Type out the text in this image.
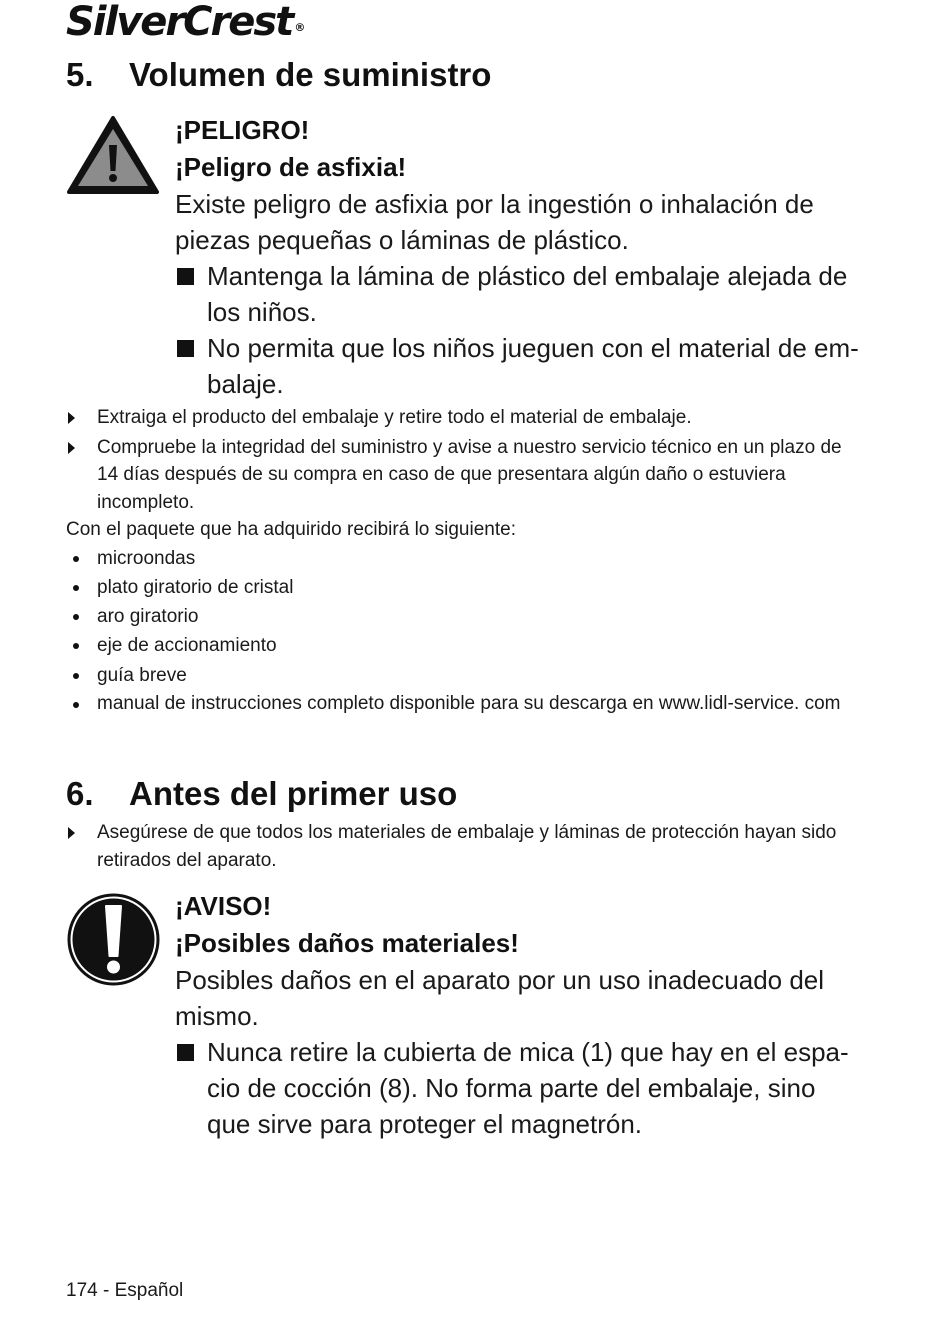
SilverCrest ®
5. Volumen de suministro
¡PELIGRO!
¡Peligro de asfixia!
Existe peligro de asfixia por la ingestión o inhalación de piezas pequeñas o láminas de plástico.
Mantenga la lámina de plástico del embalaje alejada de los niños.
No permita que los niños jueguen con el material de em-balaje.
Extraiga el producto del embalaje y retire todo el material de embalaje.
Compruebe la integridad del suministro y avise a nuestro servicio técnico en un plazo de 14 días después de su compra en caso de que presentara algún daño o estuviera incompleto.
Con el paquete que ha adquirido recibirá lo siguiente:
microondas
plato giratorio de cristal
aro giratorio
eje de accionamiento
guía breve
manual de instrucciones completo disponible para su descarga en www.lidl-service. com
6. Antes del primer uso
Asegúrese de que todos los materiales de embalaje y láminas de protección hayan sido retirados del aparato.
¡AVISO!
¡Posibles daños materiales!
Posibles daños en el aparato por un uso inadecuado del mismo.
Nunca retire la cubierta de mica (1) que hay en el espa-cio de cocción (8). No forma parte del embalaje, sino que sirve para proteger el magnetrón.
174 - Español
